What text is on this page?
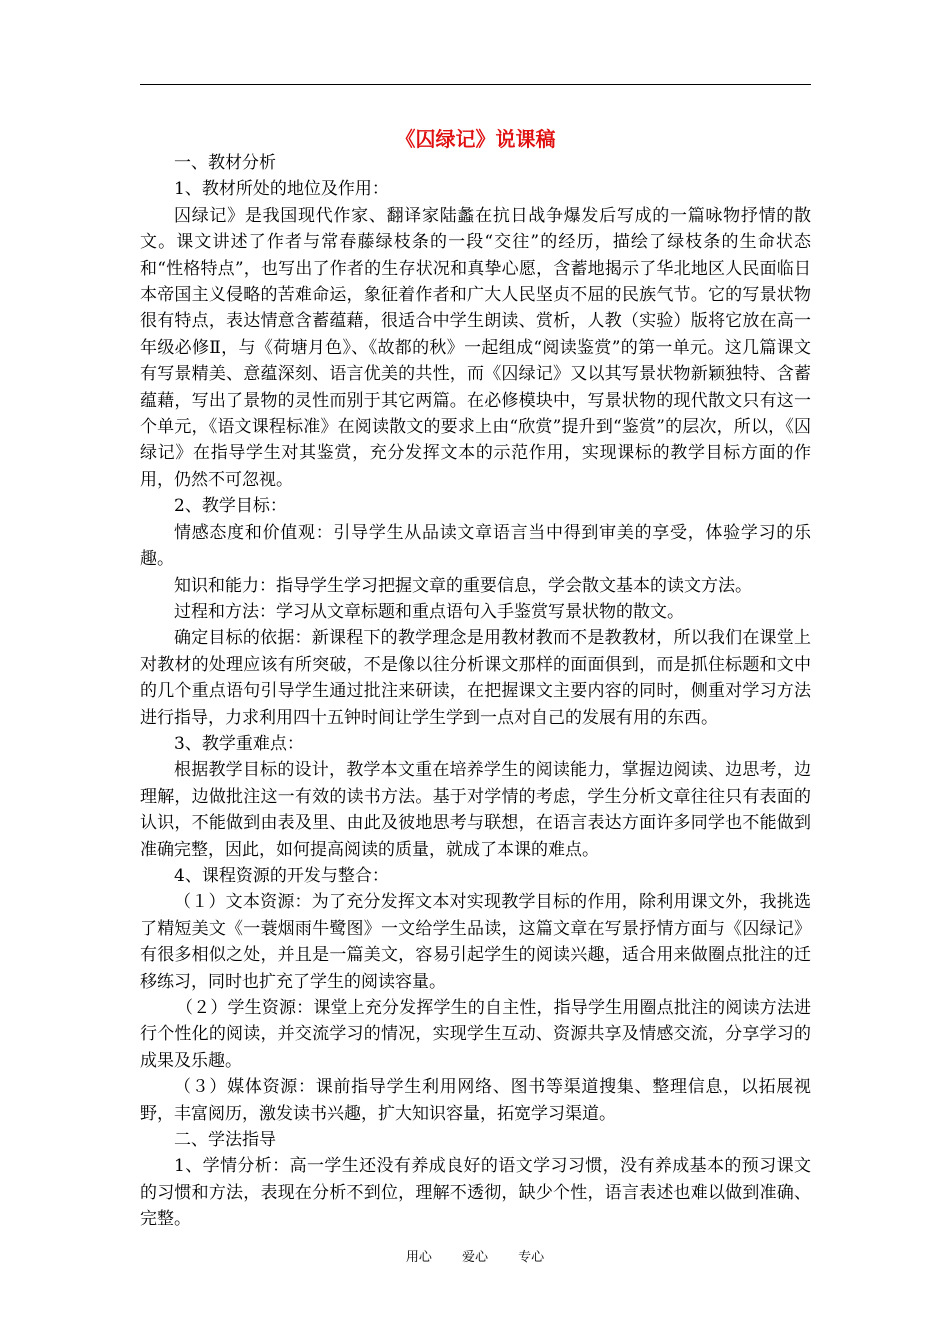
《囚绿记》说课稿

一、教材分析

1、教材所处的地位及作用：

囚绿记》是我国现代作家、翻译家陆蠡在抗日战争爆发后写成的一篇咏物抒情的散文。课文讲述了作者与常春藤绿枝条的一段“交往”的经历，描绘了绿枝条的生命状态和“性格特点”，也写出了作者的生存状况和真挚心愿，含蓄地揭示了华北地区人民面临日本帝国主义侵略的苦难命运，象征着作者和广大人民坚贞不屈的民族气节。它的写景状物很有特点，表达情意含蓄蕴藉，很适合中学生朗读、赏析，人教（实验）版将它放在高一年级必修Ⅱ，与《荷塘月色》、《故都的秋》一起组成“阅读鉴赏”的第一单元。这几篇课文有写景精美、意蕴深刻、语言优美的共性，而《囚绿记》又以其写景状物新颖独特、含蓄蕴藉，写出了景物的灵性而别于其它两篇。在必修模块中，写景状物的现代散文只有这一个单元，《语文课程标准》在阅读散文的要求上由“欣赏”提升到“鉴赏”的层次，所以，《囚绿记》在指导学生对其鉴赏，充分发挥文本的示范作用，实现课标的教学目标方面的作用，仍然不可忽视。

2、教学目标：

情感态度和价值观：引导学生从品读文章语言当中得到审美的享受，体验学习的乐趣。

知识和能力：指导学生学习把握文章的重要信息，学会散文基本的读文方法。

过程和方法：学习从文章标题和重点语句入手鉴赏写景状物的散文。

确定目标的依据：新课程下的教学理念是用教材教而不是教教材，所以我们在课堂上对教材的处理应该有所突破，不是像以往分析课文那样的面面俱到，而是抓住标题和文中的几个重点语句引导学生通过批注来研读，在把握课文主要内容的同时，侧重对学习方法进行指导，力求利用四十五钟时间让学生学到一点对自己的发展有用的东西。

3、教学重难点：

根据教学目标的设计，教学本文重在培养学生的阅读能力，掌握边阅读、边思考，边理解，边做批注这一有效的读书方法。基于对学情的考虑，学生分析文章往往只有表面的认识，不能做到由表及里、由此及彼地思考与联想，在语言表达方面许多同学也不能做到准确完整，因此，如何提高阅读的质量，就成了本课的难点。

4、课程资源的开发与整合：

（１）文本资源：为了充分发挥文本对实现教学目标的作用，除利用课文外，我挑选了精短美文《一蓑烟雨牛鹭图》一文给学生品读，这篇文章在写景抒情方面与《囚绿记》有很多相似之处，并且是一篇美文，容易引起学生的阅读兴趣，适合用来做圈点批注的迁移练习，同时也扩充了学生的阅读容量。

（２）学生资源：课堂上充分发挥学生的自主性，指导学生用圈点批注的阅读方法进行个性化的阅读，并交流学习的情况，实现学生互动、资源共享及情感交流，分享学习的成果及乐趣。

（３）媒体资源：课前指导学生利用网络、图书等渠道搜集、整理信息，以拓展视野，丰富阅历，激发读书兴趣，扩大知识容量，拓宽学习渠道。

二、学法指导

1、学情分析：高一学生还没有养成良好的语文学习习惯，没有养成基本的预习课文的习惯和方法，表现在分析不到位，理解不透彻，缺少个性，语言表述也难以做到准确、完整。

用心 爱心 专心
